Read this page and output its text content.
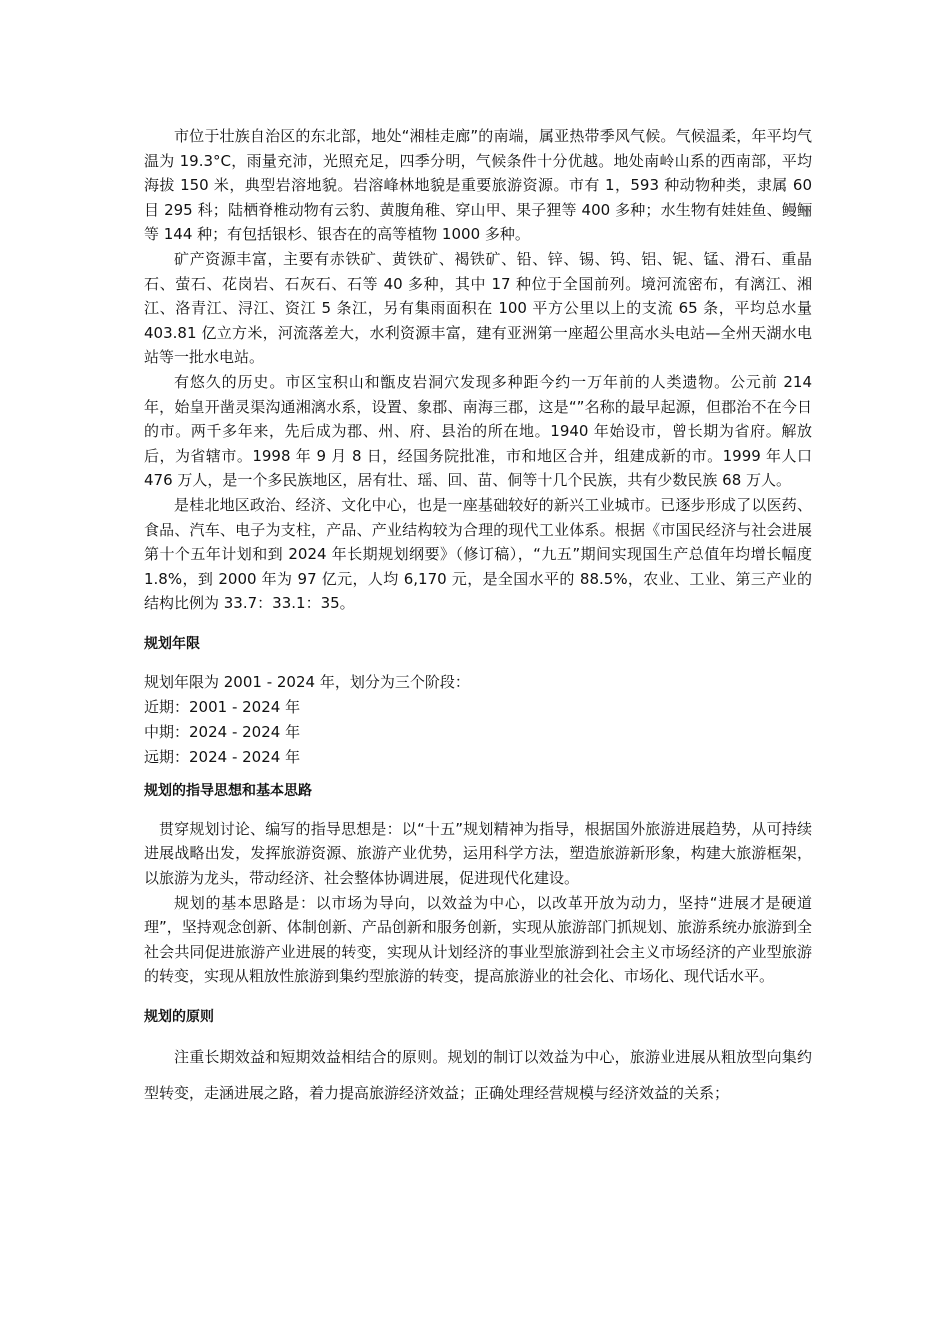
市位于壮族自治区的东北部，地处“湘桂走廊”的南端，属亚热带季风气候。气候温柔，年平均气温为 19.3°C，雨量充沛，光照充足，四季分明，气候条件十分优越。地处南岭山系的西南部，平均海拔 150 米，典型岩溶地貌。岩溶峰林地貌是重要旅游资源。市有 1，593 种动物种类，隶属 60 目 295 科；陆栖脊椎动物有云豹、黄腹角稚、穿山甲、果子狸等 400 多种；水生物有娃娃鱼、鳗鲡等 144 种；有包括银杉、银杏在的高等植物 1000 多种。

矿产资源丰富，主要有赤铁矿、黄铁矿、褐铁矿、铅、锌、锡、钨、铝、铌、锰、滑石、重晶石、萤石、花岗岩、石灰石、石等 40 多种，其中 17 种位于全国前列。境河流密布，有漓江、湘江、洛青江、浔江、资江 5 条江，另有集雨面积在 100 平方公里以上的支流 65 条，平均总水量 403.81 亿立方米，河流落差大，水利资源丰富，建有亚洲第一座超公里高水头电站—全州天湖水电站等一批水电站。

有悠久的历史。市区宝积山和甑皮岩洞穴发现多种距今约一万年前的人类遗物。公元前 214 年，始皇开凿灵渠沟通湘漓水系，设置、象郡、南海三郡，这是“”名称的最早起源，但郡治不在今日的市。两千多年来，先后成为郡、州、府、县治的所在地。1940 年始设市，曾长期为省府。解放后，为省辖市。1998 年 9 月 8 日，经国务院批准，市和地区合并，组建成新的市。1999 年人口 476 万人，是一个多民族地区，居有壮、瑶、回、苗、侗等十几个民族，共有少数民族 68 万人。

是桂北地区政治、经济、文化中心，也是一座基础较好的新兴工业城市。已逐步形成了以医药、食品、汽车、电子为支柱，产品、产业结构较为合理的现代工业体系。根据《市国民经济与社会进展第十个五年计划和到 2024 年长期规划纲要》（修订稿），“九五”期间实现国生产总值年均增长幅度 1.8%，到 2000 年为 97 亿元，人均 6,170 元，是全国水平的 88.5%，农业、工业、第三产业的结构比例为 33.7：33.1：35。

规划年限

规划年限为 2001 - 2024 年，划分为三个阶段：

近期：2001 - 2024 年

中期：2024 - 2024 年

远期：2024 - 2024 年

规划的指导思想和基本思路

贯穿规划讨论、编写的指导思想是：以“十五”规划精神为指导，根据国外旅游进展趋势，从可持续进展战略出发，发挥旅游资源、旅游产业优势，运用科学方法，塑造旅游新形象，构建大旅游框架，以旅游为龙头，带动经济、社会整体协调进展，促进现代化建设。

规划的基本思路是：以市场为导向，以效益为中心，以改革开放为动力，坚持“进展才是硬道理”，坚持观念创新、体制创新、产品创新和服务创新，实现从旅游部门抓规划、旅游系统办旅游到全社会共同促进旅游产业进展的转变，实现从计划经济的事业型旅游到社会主义市场经济的产业型旅游的转变，实现从粗放性旅游到集约型旅游的转变，提高旅游业的社会化、市场化、现代话水平。

规划的原则

注重长期效益和短期效益相结合的原则。规划的制订以效益为中心，旅游业进展从粗放型向集约型转变，走涵进展之路，着力提高旅游经济效益；正确处理经营规模与经济效益的关系；
